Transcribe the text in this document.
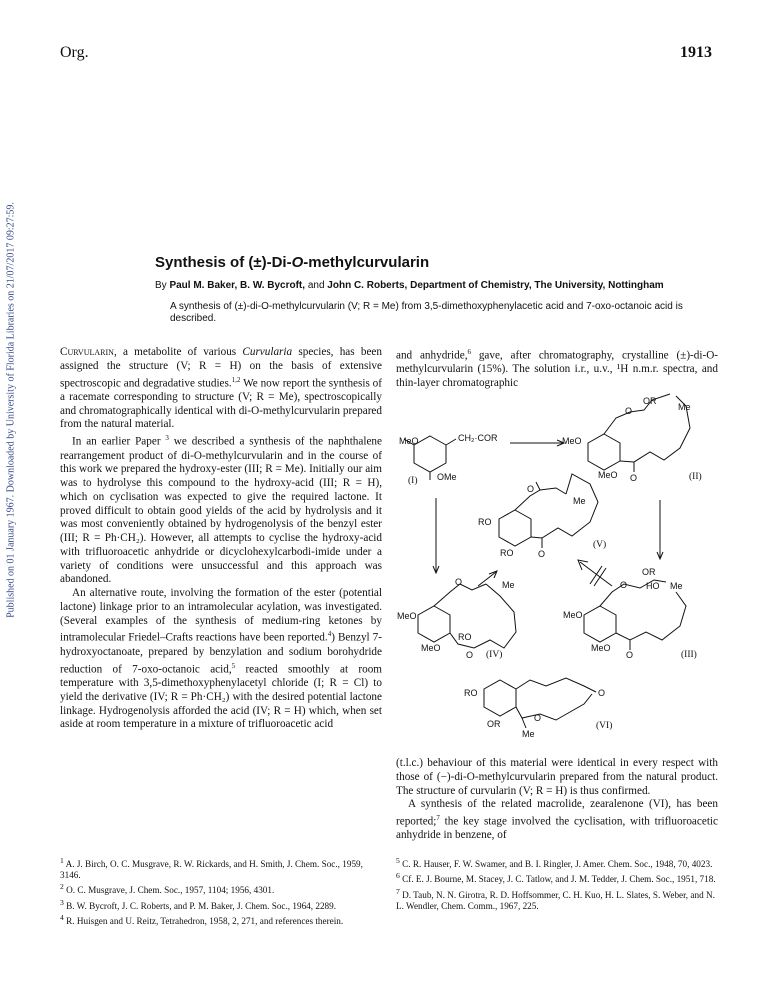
Published on 01 January 1967. Downloaded by University of Florida Libraries on 21/07/2017 09:27:59.
Org.	1913
Synthesis of (±)-Di-O-methylcurvularin
By Paul M. Baker, B. W. Bycroft, and John C. Roberts, Department of Chemistry, The University, Nottingham
A synthesis of (±)-di-O-methylcurvularin (V; R = Me) from 3,5-dimethoxyphenylacetic acid and 7-oxo-octanoic acid is described.

Curvularin, a metabolite of various Curvularia species, has been assigned the structure (V; R = H) on the basis of extensive spectroscopic and degradative studies.$^{1,2}$ We now report the synthesis of a racemate corresponding to structure (V; R = Me), spectroscopically and chromatographically identical with di-O-methylcurvularin prepared from the natural material.

In an earlier Paper $^3$ we described a synthesis of the naphthalene rearrangement product of di-O-methylcurvularin and in the course of this work we prepared the hydroxy-ester (III; R = Me). Initially our aim was to hydrolyse this compound to the hydroxy-acid (III; R = H), which on cyclisation was expected to give the required lactone. It proved difficult to obtain good yields of the acid by hydrolysis and it was most conveniently obtained by hydrogenolysis of the benzyl ester (III; R = Ph·CH₂). However, all attempts to cyclise the hydroxy-acid with trifluoroacetic anhydride or dicyclohexylcarbodi-imide under a variety of conditions were unsuccessful and this approach was abandoned.

An alternative route, involving the formation of the ester (potential lactone) linkage prior to an intramolecular acylation, was investigated. (Several examples of the synthesis of medium-ring ketones by intramolecular Friedel–Crafts reactions have been reported.$^4$) Benzyl 7-hydroxyoctanoate, prepared by benzylation and sodium borohydride reduction of 7-oxo-octanoic acid,$^5$ reacted smoothly at room temperature with 3,5-dimethoxyphenylacetyl chloride (I; R = Cl) to yield the derivative (IV; R = Ph·CH₂) with the desired potential lactone linkage. Hydrogenolysis afforded the acid (IV; R = H) which, when set aside at room temperature in a mixture of trifluoroacetic acid

and anhydride,$^6$ gave, after chromatography, crystalline (±)-di-O-methylcurvularin (15%). The solution i.r., u.v., ¹H n.m.r. spectra, and thin-layer chromatographic

(t.l.c.) behaviour of this material were identical in every respect with those of (−)-di-O-methylcurvularin prepared from the natural product. The structure of curvularin (V; R = H) is thus confirmed.

A synthesis of the related macrolide, zearalenone (VI), has been reported;$^7$ the key stage involved the cyclisation, with trifluoroacetic anhydride in benzene, of

$^1$ A. J. Birch, O. C. Musgrave, R. W. Rickards, and H. Smith, J. Chem. Soc., 1959, 3146.

$^2$ O. C. Musgrave, J. Chem. Soc., 1957, 1104; 1956, 4301.

$^3$ B. W. Bycroft, J. C. Roberts, and P. M. Baker, J. Chem. Soc., 1964, 2289.

$^4$ R. Huisgen and U. Reitz, Tetrahedron, 1958, 2, 271, and references therein.

$^5$ C. R. Hauser, F. W. Swamer, and B. I. Ringler, J. Amer. Chem. Soc., 1948, 70, 4023.

$^6$ Cf. E. J. Bourne, M. Stacey, J. C. Tatlow, and J. M. Tedder, J. Chem. Soc., 1951, 718.

$^7$ D. Taub, N. N. Girotra, R. D. Hoffsommer, C. H. Kuo, H. L. Slates, S. Weber, and N. L. Wendler, Chem. Comm., 1967, 225.

MeO	CH₂·COR
OMe
(I)
OR
Me
O
MeO
MeO O	(II)
O
Me
RO
RO	O
(V)
O	Me
MeO
RO
MeO
O (IV)
OR
O HO Me
MeO
MeO
O	(III)
RO	O
OR
O
Me
(VI)
